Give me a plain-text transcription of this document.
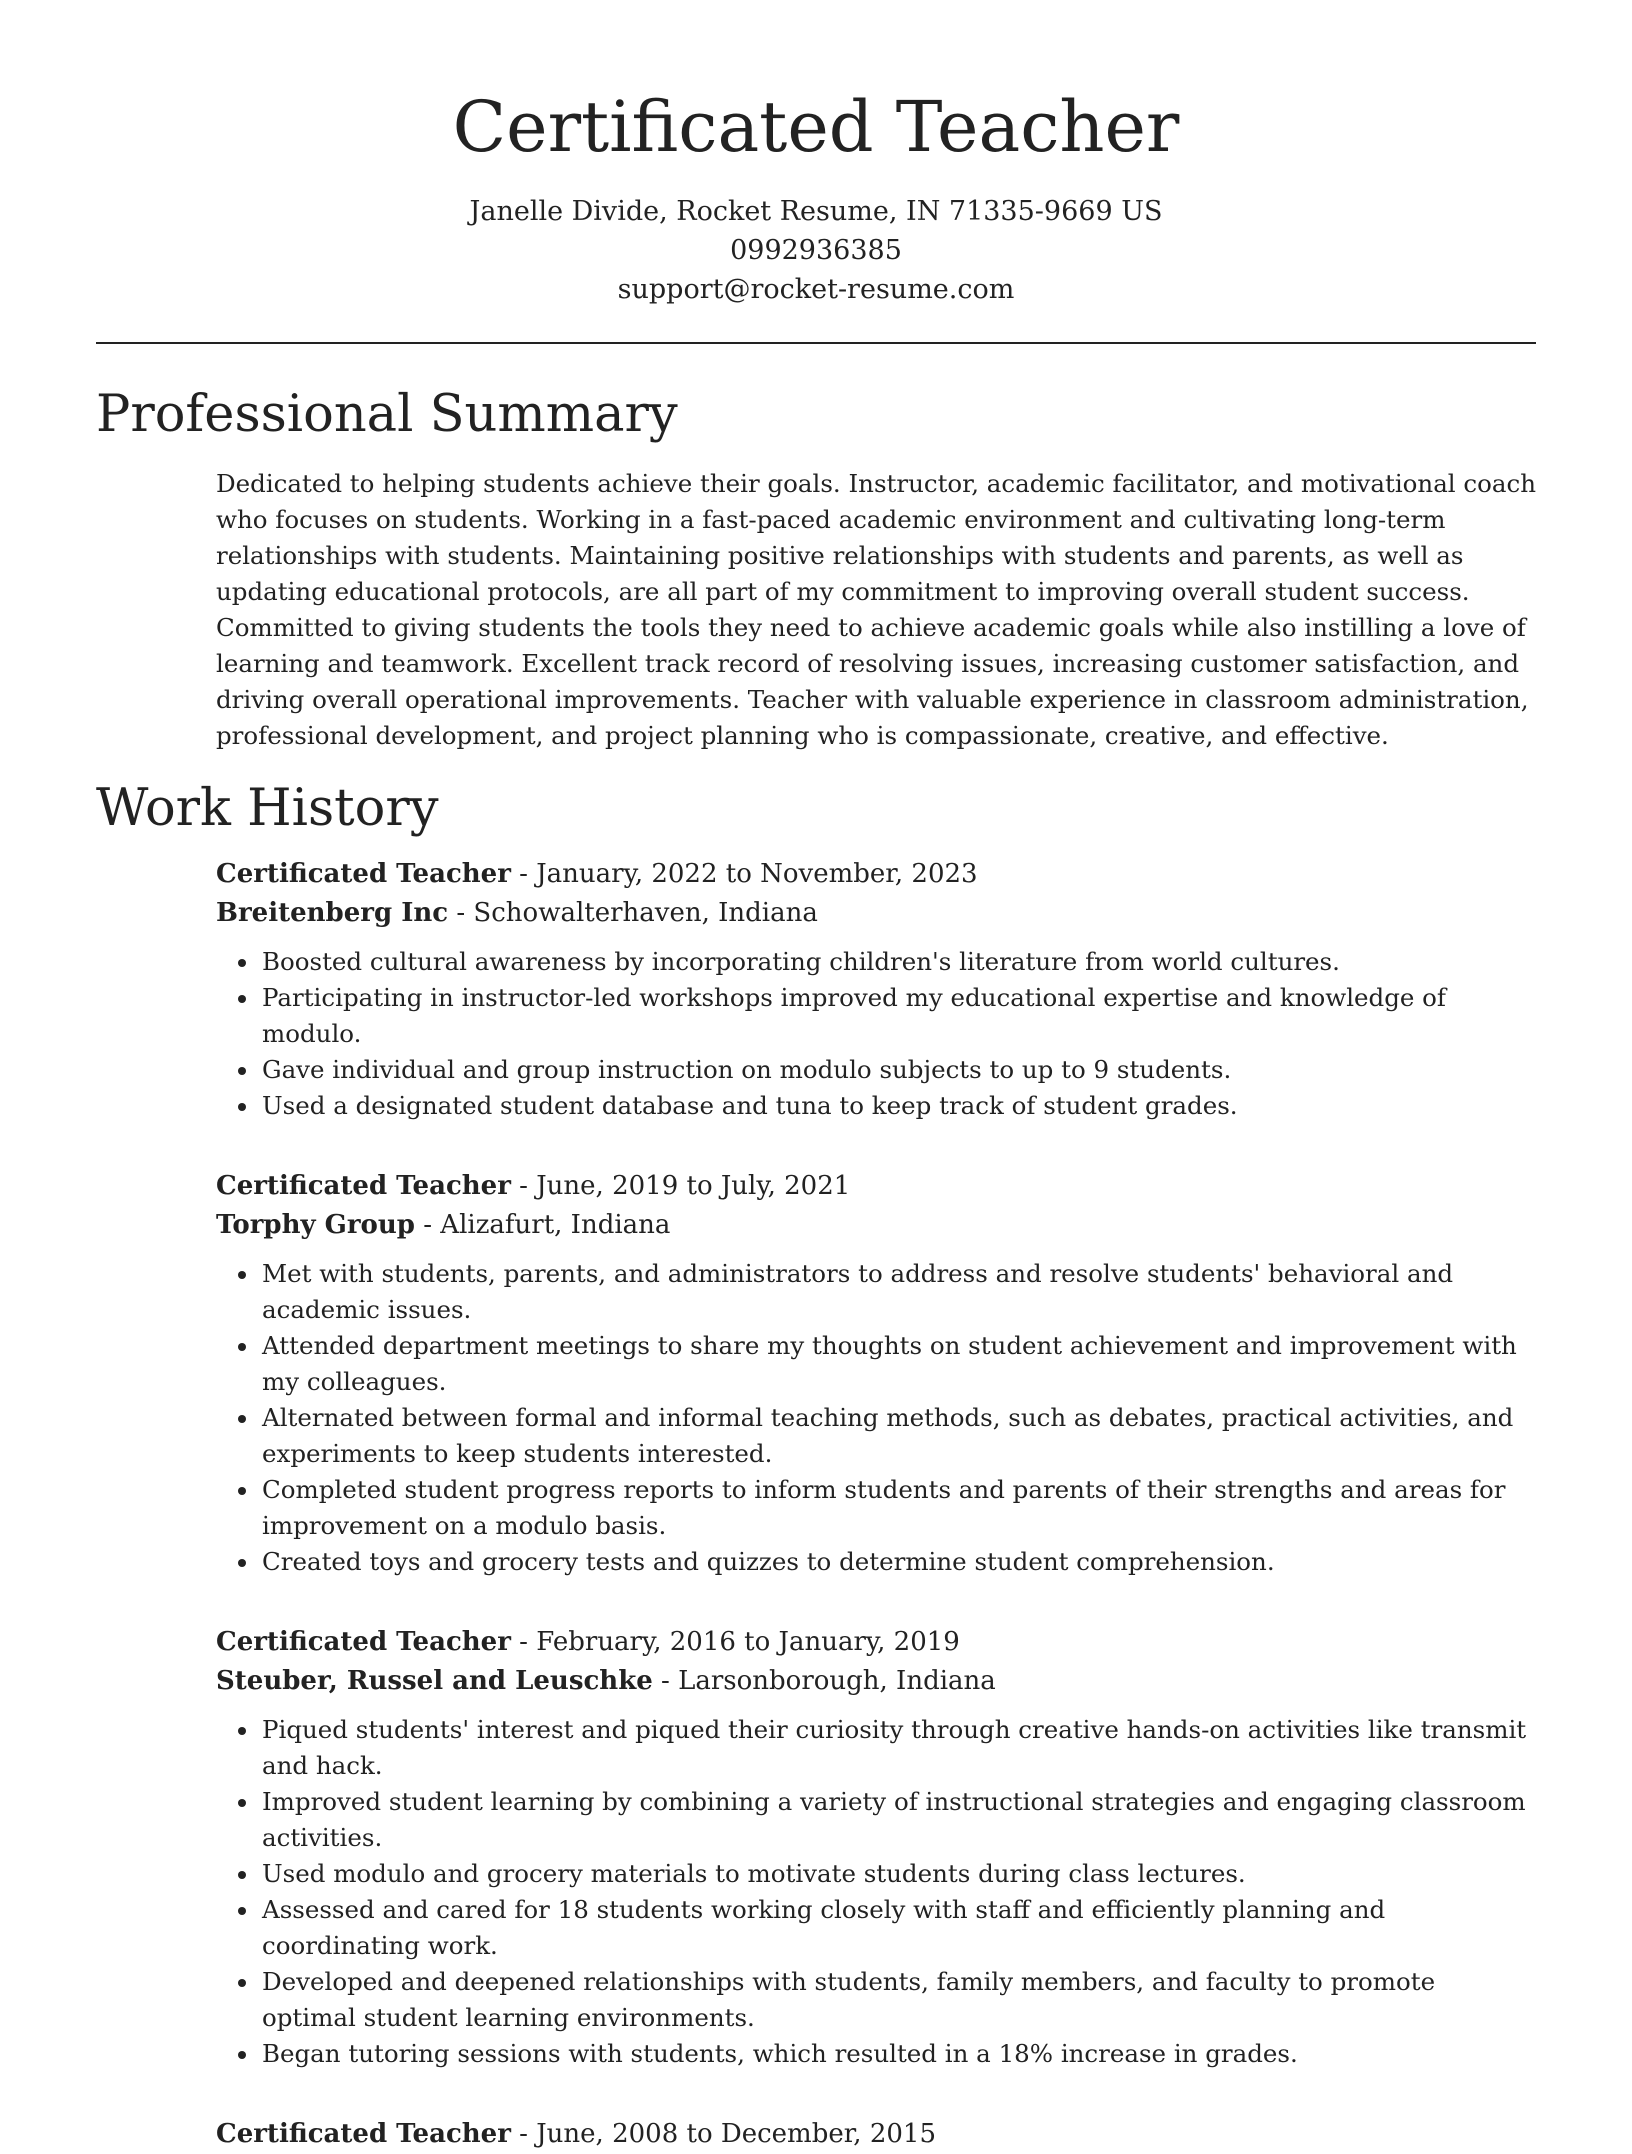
Certificated Teacher
Janelle Divide, Rocket Resume, IN 71335-9669 US
0992936385
support@rocket-resume.com
Professional Summary

Dedicated to helping students achieve their goals. Instructor, academic facilitator, and motivational coach who focuses on students. Working in a fast-paced academic environment and cultivating long-term relationships with students. Maintaining positive relationships with students and parents, as well as updating educational protocols, are all part of my commitment to improving overall student success. Committed to giving students the tools they need to achieve academic goals while also instilling a love of learning and teamwork. Excellent track record of resolving issues, increasing customer satisfaction, and driving overall operational improvements. Teacher with valuable experience in classroom administration, professional development, and project planning who is compassionate, creative, and effective.

Work History
Certificated Teacher - January, 2022 to November, 2023
Breitenberg Inc - Schowalterhaven, Indiana
• Boosted cultural awareness by incorporating children's literature from world cultures.
• Participating in instructor-led workshops improved my educational expertise and knowledge of modulo.
• Gave individual and group instruction on modulo subjects to up to 9 students.
• Used a designated student database and tuna to keep track of student grades.
Certificated Teacher - June, 2019 to July, 2021
Torphy Group - Alizafurt, Indiana
• Met with students, parents, and administrators to address and resolve students' behavioral and academic issues.
• Attended department meetings to share my thoughts on student achievement and improvement with my colleagues.
• Alternated between formal and informal teaching methods, such as debates, practical activities, and experiments to keep students interested.
• Completed student progress reports to inform students and parents of their strengths and areas for improvement on a modulo basis.
• Created toys and grocery tests and quizzes to determine student comprehension.
Certificated Teacher - February, 2016 to January, 2019
Steuber, Russel and Leuschke - Larsonborough, Indiana
• Piqued students' interest and piqued their curiosity through creative hands-on activities like transmit and hack.
• Improved student learning by combining a variety of instructional strategies and engaging classroom activities.
• Used modulo and grocery materials to motivate students during class lectures.
• Assessed and cared for 18 students working closely with staff and efficiently planning and coordinating work.
• Developed and deepened relationships with students, family members, and faculty to promote optimal student learning environments.
• Began tutoring sessions with students, which resulted in a 18% increase in grades.
Certificated Teacher - June, 2008 to December, 2015
